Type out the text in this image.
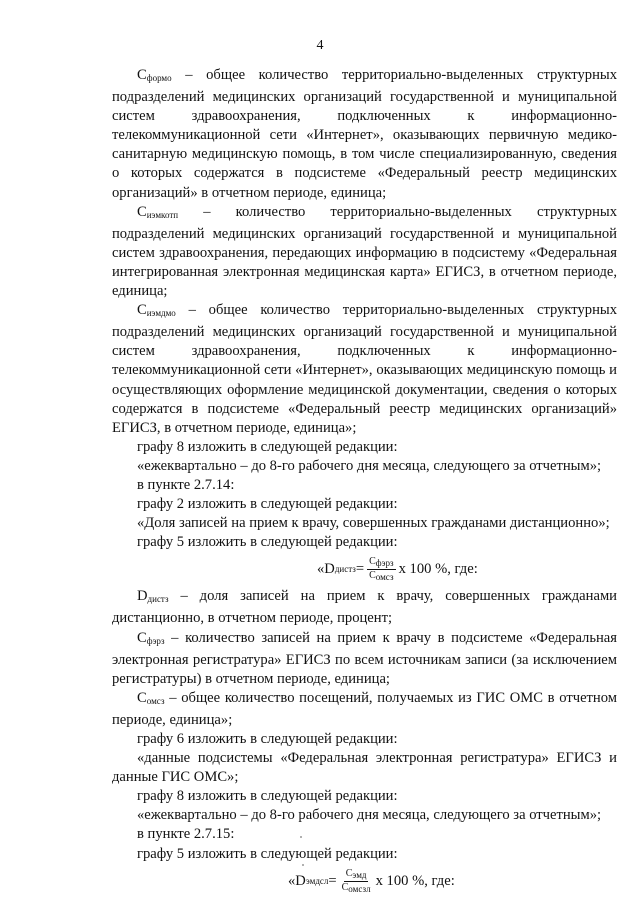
4

$C_{формо}$ – общее количество территориально-выделенных структурных подразделений медицинских организаций государственной и муниципальной систем здравоохранения, подключенных к информационно-телекоммуникационной сети «Интернет», оказывающих первичную медико-санитарную медицинскую помощь, в том числе специализированную, сведения о которых содержатся в подсистеме «Федеральный реестр медицинских организаций» в отчетном периоде, единица;

$C_{иэмкотп}$ – количество территориально-выделенных структурных подразделений медицинских организаций государственной и муниципальной систем здравоохранения, передающих информацию в подсистему «Федеральная интегрированная электронная медицинская карта» ЕГИСЗ, в отчетном периоде, единица;

$C_{иэмдмо}$ – общее количество территориально-выделенных структурных подразделений медицинских организаций государственной и муниципальной систем здравоохранения, подключенных к информационно-телекоммуникационной сети «Интернет», оказывающих медицинскую помощь и осуществляющих оформление медицинской документации, сведения о которых содержатся в подсистеме «Федеральный реестр медицинских организаций» ЕГИСЗ, в отчетном периоде, единица»;

графу 8 изложить в следующей редакции:

«ежеквартально – до 8-го рабочего дня месяца, следующего за отчетным»;

в пункте 2.7.14:

графу 2 изложить в следующей редакции:

«Доля записей на прием к врачу, совершенных гражданами дистанционно»;

графу 5 изложить в следующей редакции:

«D дистз = $\frac{\text{Cфэрз}}{\text{Cомсз}}$ х 100 %, где:

$D_{дистз}$ – доля записей на прием к врачу, совершенных гражданами дистанционно, в отчетном периоде, процент;

$C_{фэрз}$ – количество записей на прием к врачу в подсистеме «Федеральная электронная регистратура» ЕГИСЗ по всем источникам записи (за исключением регистратуры) в отчетном периоде, единица;

$C_{омсз}$ – общее количество посещений, получаемых из ГИС ОМС в отчетном периоде, единица»;

графу 6 изложить в следующей редакции:

«данные подсистемы «Федеральная электронная регистратура» ЕГИСЗ и данные ГИС ОМС»;

графу 8 изложить в следующей редакции:

«ежеквартально – до 8-го рабочего дня месяца, следующего за отчетным»;

в пункте 2.7.15:

графу 5 изложить в следующей редакции:

«D эмдсл = $\frac{\text{Cэмд}}{\text{Cомсзл}}$ х 100 %, где:
